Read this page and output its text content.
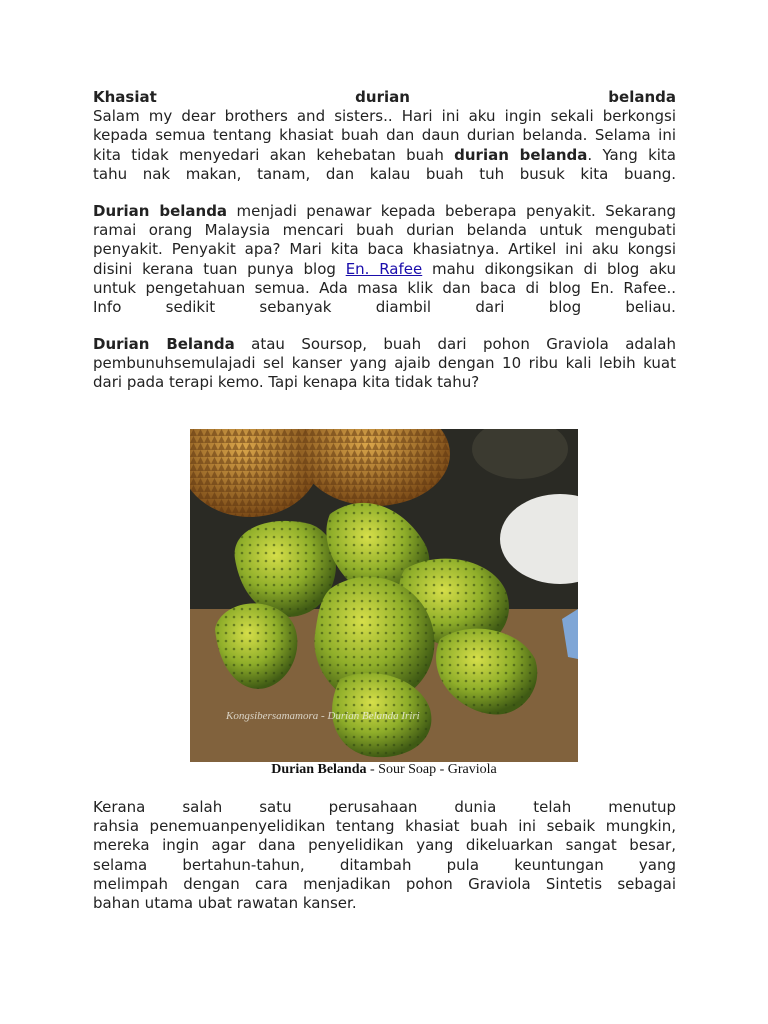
Khasiat	durian	belanda
Salam my dear brothers and sisters.. Hari ini aku ingin sekali berkongsi
kepada semua tentang khasiat buah dan daun durian belanda. Selama ini
kita tidak menyedari akan kehebatan buah durian belanda. Yang kita
tahu nak makan, tanam, dan kalau buah tuh busuk kita buang.
Durian belanda menjadi penawar kepada beberapa penyakit. Sekarang
ramai orang Malaysia mencari buah durian belanda untuk mengubati
penyakit. Penyakit apa? Mari kita baca khasiatnya. Artikel ini aku kongsi
disini kerana tuan punya blog En. Rafee mahu dikongsikan di blog aku
untuk pengetahuan semua. Ada masa klik dan baca di blog En. Rafee..
Info	sedikit	sebanyak	diambil	dari	blog	beliau.
Durian Belanda atau Soursop, buah dari pohon Graviola adalah
pembunuhsemulajadi sel kanser yang ajaib dengan 10 ribu kali lebih kuat
dari pada terapi kemo. Tapi kenapa kita tidak tahu?
Kongsibersamamora - Durian Belanda Iriri
Durian Belanda - Sour Soap - Graviola
Kerana salah satu perusahaan dunia telah menutup
rahsia penemuanpenyelidikan tentang khasiat buah ini sebaik mungkin,
mereka ingin agar dana penyelidikan yang dikeluarkan sangat besar,
selama bertahun-tahun, ditambah pula keuntungan yang
melimpah dengan cara menjadikan pohon Graviola Sintetis sebagai
bahan utama ubat rawatan kanser.
